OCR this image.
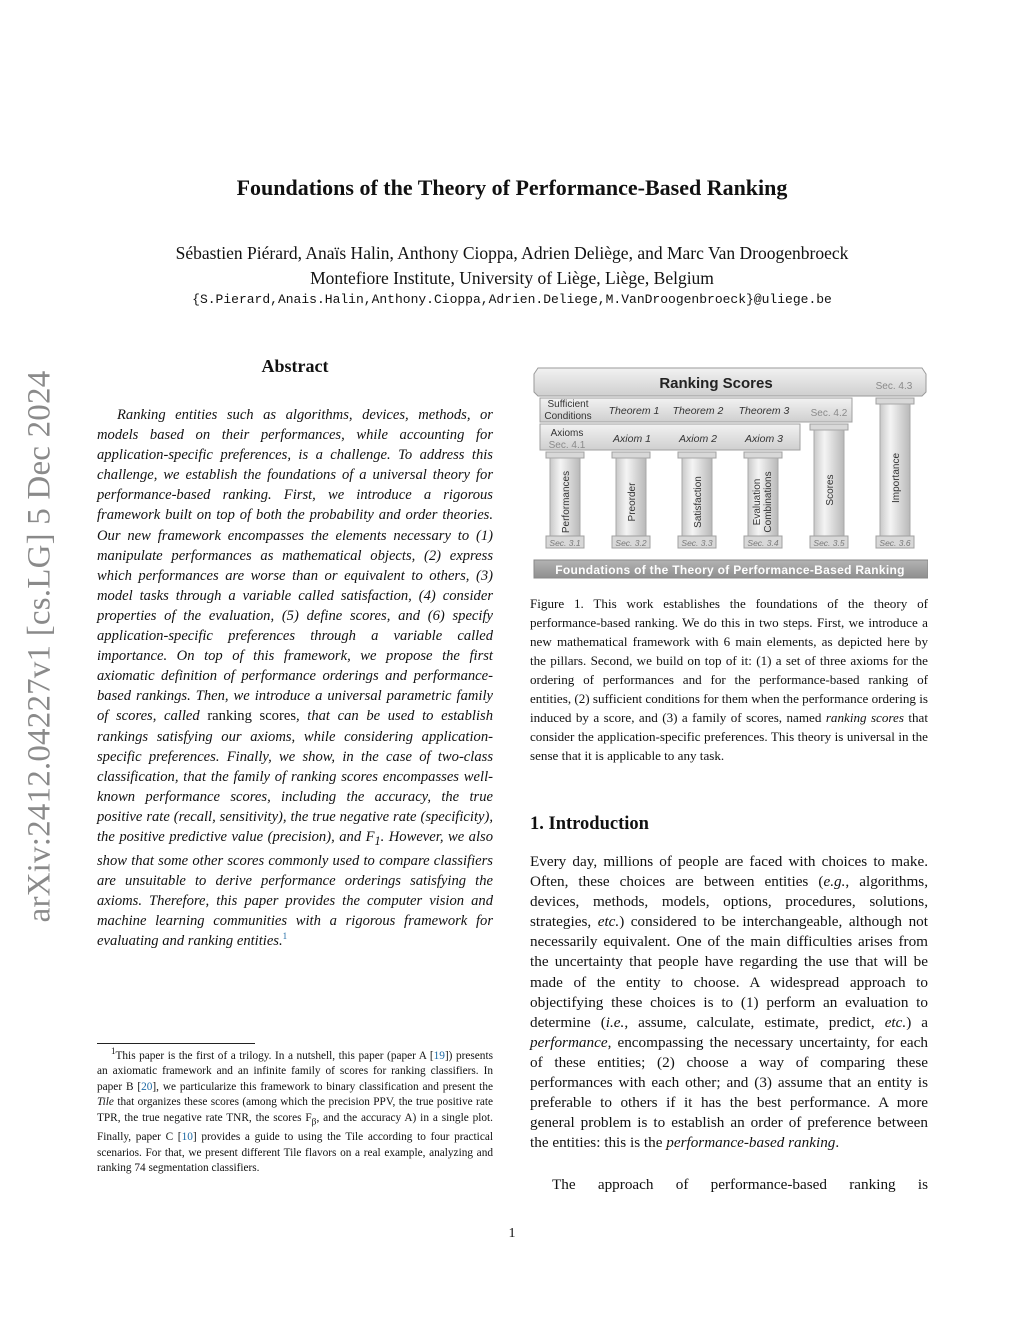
arXiv:2412.04227v1 [cs.LG] 5 Dec 2024
Foundations of the Theory of Performance-Based Ranking
Sébastien Piérard, Anaïs Halin, Anthony Cioppa, Adrien Deliège, and Marc Van Droogenbroeck
Montefiore Institute, University of Liège, Liège, Belgium
{S.Pierard,Anais.Halin,Anthony.Cioppa,Adrien.Deliege,M.VanDroogenbroeck}@uliege.be
Abstract

Ranking entities such as algorithms, devices, methods, or models based on their performances, while accounting for application-specific preferences, is a challenge. To address this challenge, we establish the foundations of a universal theory for performance-based ranking. First, we introduce a rigorous framework built on top of both the probability and order theories. Our new framework encompasses the elements necessary to (1) manipulate performances as mathematical objects, (2) express which performances are worse than or equivalent to others, (3) model tasks through a variable called satisfaction, (4) consider properties of the evaluation, (5) define scores, and (6) specify application-specific preferences through a variable called importance. On top of this framework, we propose the first axiomatic definition of performance orderings and performance-based rankings. Then, we introduce a universal parametric family of scores, called ranking scores, that can be used to establish rankings satisfying our axioms, while considering application-specific preferences. Finally, we show, in the case of two-class classification, that the family of ranking scores encompasses well-known performance scores, including the accuracy, the true positive rate (recall, sensitivity), the true negative rate (specificity), the positive predictive value (precision), and $F_1$. However, we also show that some other scores commonly used to compare classifiers are unsuitable to derive performance orderings satisfying the axioms. Therefore, this paper provides the computer vision and machine learning communities with a rigorous framework for evaluating and ranking entities.$^1$

$^1$This paper is the first of a trilogy. In a nutshell, this paper (paper A [19]) presents an axiomatic framework and an infinite family of scores for ranking classifiers. In paper B [20], we particularize this framework to binary classification and present the Tile that organizes these scores (among which the precision PPV, the true positive rate TPR, the true negative rate TNR, the scores $F_\beta$, and the accuracy A) in a single plot. Finally, paper C [10] provides a guide to using the Tile according to four practical scenarios. For that, we present different Tile flavors on a real example, analyzing and ranking 74 segmentation classifiers.

Ranking Scores	Sec. 4.3
Sufficient Conditions Theorem 1 Theorem 2 Theorem 3 Sec. 4.2
Axioms
Sec. 4.1
Axiom 1	Axiom 2	Axiom 3
Performances
Sec. 3.1
Preorder
Sec. 3.2
Satisfaction
Sec. 3.3
Evaluation Combinations
Sec. 3.4
Scores
Sec. 3.5
Importance
Sec. 3.6
Foundations of the Theory of Performance-Based Ranking

Figure 1. This work establishes the foundations of the theory of performance-based ranking. We do this in two steps. First, we introduce a new mathematical framework with 6 main elements, as depicted here by the pillars. Second, we build on top of it: (1) a set of three axioms for the ordering of performances and for the performance-based ranking of entities, (2) sufficient conditions for them when the performance ordering is induced by a score, and (3) a family of scores, named ranking scores that consider the application-specific preferences. This theory is universal in the sense that it is applicable to any task.

1. Introduction

Every day, millions of people are faced with choices to make. Often, these choices are between entities (e.g., algorithms, devices, methods, models, options, procedures, solutions, strategies, etc.) considered to be interchangeable, although not necessarily equivalent. One of the main difficulties arises from the uncertainty that people have regarding the use that will be made of the entity to choose. A widespread approach to objectifying these choices is to (1) perform an evaluation to determine (i.e., assume, calculate, estimate, predict, etc.) a performance, encompassing the necessary uncertainty, for each of these entities; (2) choose a way of comparing these performances with each other; and (3) assume that an entity is preferable to others if it has the best performance. A more general problem is to establish an order of preference between the entities: this is the performance-based ranking.

The approach of performance-based ranking is

1
